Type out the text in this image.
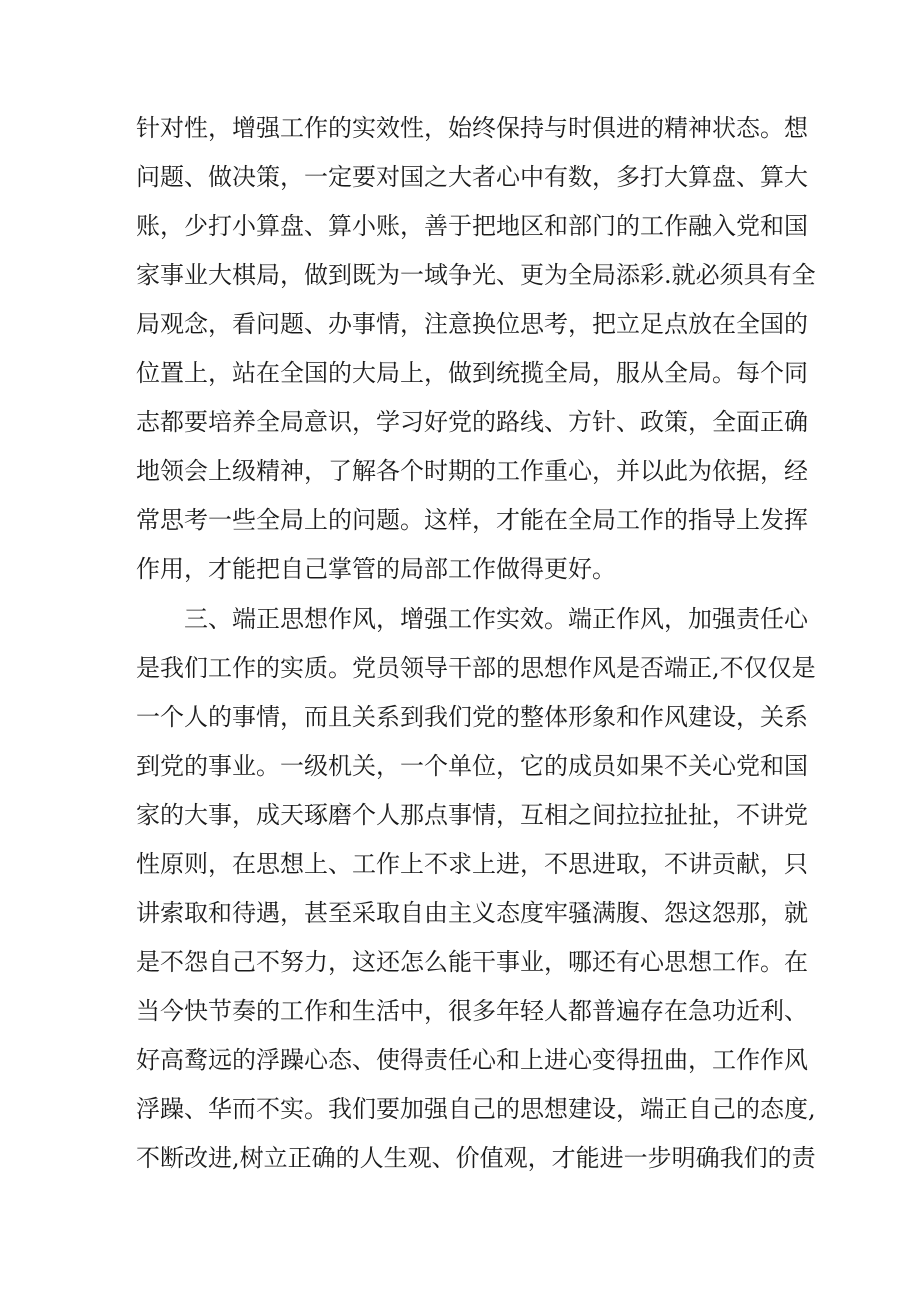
针对性，增强工作的实效性，始终保持与时俱进的精神状态。想
问题、做决策，一定要对国之大者心中有数，多打大算盘、算大
账，少打小算盘、算小账，善于把地区和部门的工作融入党和国
家事业大棋局，做到既为一域争光、更为全局添彩.就必须具有全
局观念，看问题、办事情，注意换位思考，把立足点放在全国的
位置上，站在全国的大局上，做到统揽全局，服从全局。每个同
志都要培养全局意识，学习好党的路线、方针、政策，全面正确
地领会上级精神，了解各个时期的工作重心，并以此为依据，经
常思考一些全局上的问题。这样，才能在全局工作的指导上发挥
作用，才能把自己掌管的局部工作做得更好。
三、端正思想作风，增强工作实效。端正作风，加强责任心
是我们工作的实质。党员领导干部的思想作风是否端正,不仅仅是
一个人的事情，而且关系到我们党的整体形象和作风建设，关系
到党的事业。一级机关，一个单位，它的成员如果不关心党和国
家的大事，成天琢磨个人那点事情，互相之间拉拉扯扯，不讲党
性原则，在思想上、工作上不求上进，不思进取，不讲贡献，只
讲索取和待遇，甚至采取自由主义态度牢骚满腹、怨这怨那，就
是不怨自己不努力，这还怎么能干事业，哪还有心思想工作。在
当今快节奏的工作和生活中，很多年轻人都普遍存在急功近利、
好高鹜远的浮躁心态、使得责任心和上进心变得扭曲，工作作风
浮躁、华而不实。我们要加强自己的思想建设，端正自己的态度,
不断改进,树立正确的人生观、价值观，才能进一步明确我们的责
